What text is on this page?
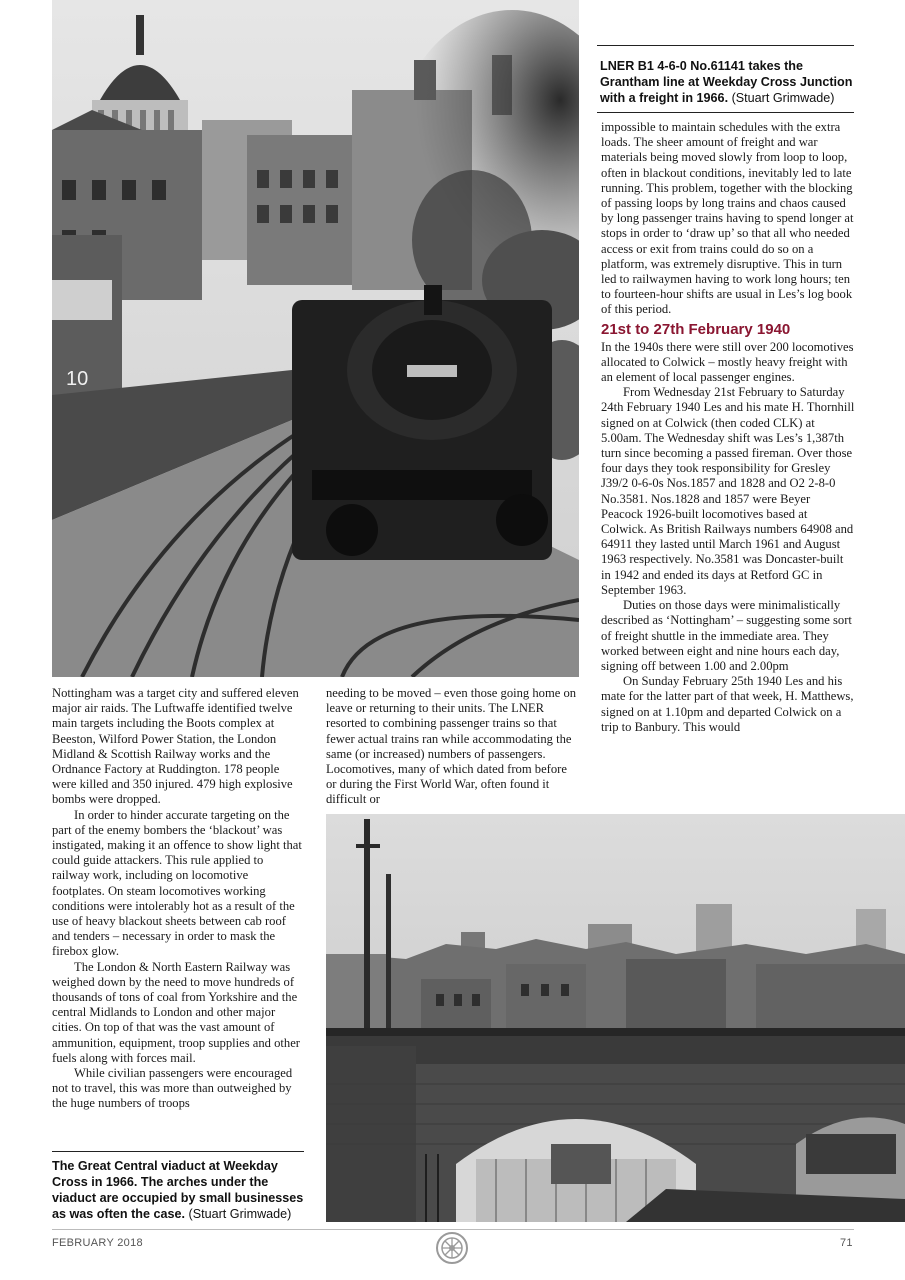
10
LNER B1 4-6-0 No.61141 takes the Grantham line at Weekday Cross Junction with a freight in 1966. (Stuart Grimwade)

impossible to maintain schedules with the extra loads. The sheer amount of freight and war materials being moved slowly from loop to loop, often in blackout conditions, inevitably led to late running. This problem, together with the blocking of passing loops by long trains and chaos caused by long passenger trains having to spend longer at stops in order to ‘draw up’ so that all who needed access or exit from trains could do so on a platform, was extremely disruptive. This in turn led to railwaymen having to work long hours; ten to fourteen-hour shifts are usual in Les’s log book of this period.

21st to 27th February 1940

In the 1940s there were still over 200 locomotives allocated to Colwick – mostly heavy freight with an element of local passenger engines.

From Wednesday 21st February to Saturday 24th February 1940 Les and his mate H. Thornhill signed on at Colwick (then coded CLK) at 5.00am. The Wednesday shift was Les’s 1,387th turn since becoming a passed fireman. Over those four days they took responsibility for Gresley J39/2 0-6-0s Nos.1857 and 1828 and O2 2-8-0 No.3581. Nos.1828 and 1857 were Beyer Peacock 1926-built locomotives based at Colwick. As British Railways numbers 64908 and 64911 they lasted until March 1961 and August 1963 respectively. No.3581 was Doncaster-built in 1942 and ended its days at Retford GC in September 1963.

Duties on those days were minimalistically described as ‘Nottingham’ – suggesting some sort of freight shuttle in the immediate area. They worked between eight and nine hours each day, signing off between 1.00 and 2.00pm

On Sunday February 25th 1940 Les and his mate for the latter part of that week, H. Matthews, signed on at 1.10pm and departed Colwick on a trip to Banbury. This would

Nottingham was a target city and suffered eleven major air raids. The Luftwaffe identified twelve main targets including the Boots complex at Beeston, Wilford Power Station, the London Midland & Scottish Railway works and the Ordnance Factory at Ruddington. 178 people were killed and 350 injured. 479 high explosive bombs were dropped.

In order to hinder accurate targeting on the part of the enemy bombers the ‘blackout’ was instigated, making it an offence to show light that could guide attackers. This rule applied to railway work, including on locomotive footplates. On steam locomotives working conditions were intolerably hot as a result of the use of heavy blackout sheets between cab roof and tenders – necessary in order to mask the firebox glow.

The London & North Eastern Railway was weighed down by the need to move hundreds of thousands of tons of coal from Yorkshire and the central Midlands to London and other major cities. On top of that was the vast amount of ammunition, equipment, troop supplies and other fuels along with forces mail.

While civilian passengers were encouraged not to travel, this was more than outweighed by the huge numbers of troops

needing to be moved – even those going home on leave or returning to their units. The LNER resorted to combining passenger trains so that fewer actual trains ran while accommodating the same (or increased) numbers of passengers. Locomotives, many of which dated from before or during the First World War, often found it difficult or

The Great Central viaduct at Weekday Cross in 1966. The arches under the viaduct are occupied by small businesses as was often the case. (Stuart Grimwade)
FEBRUARY 2018	71
